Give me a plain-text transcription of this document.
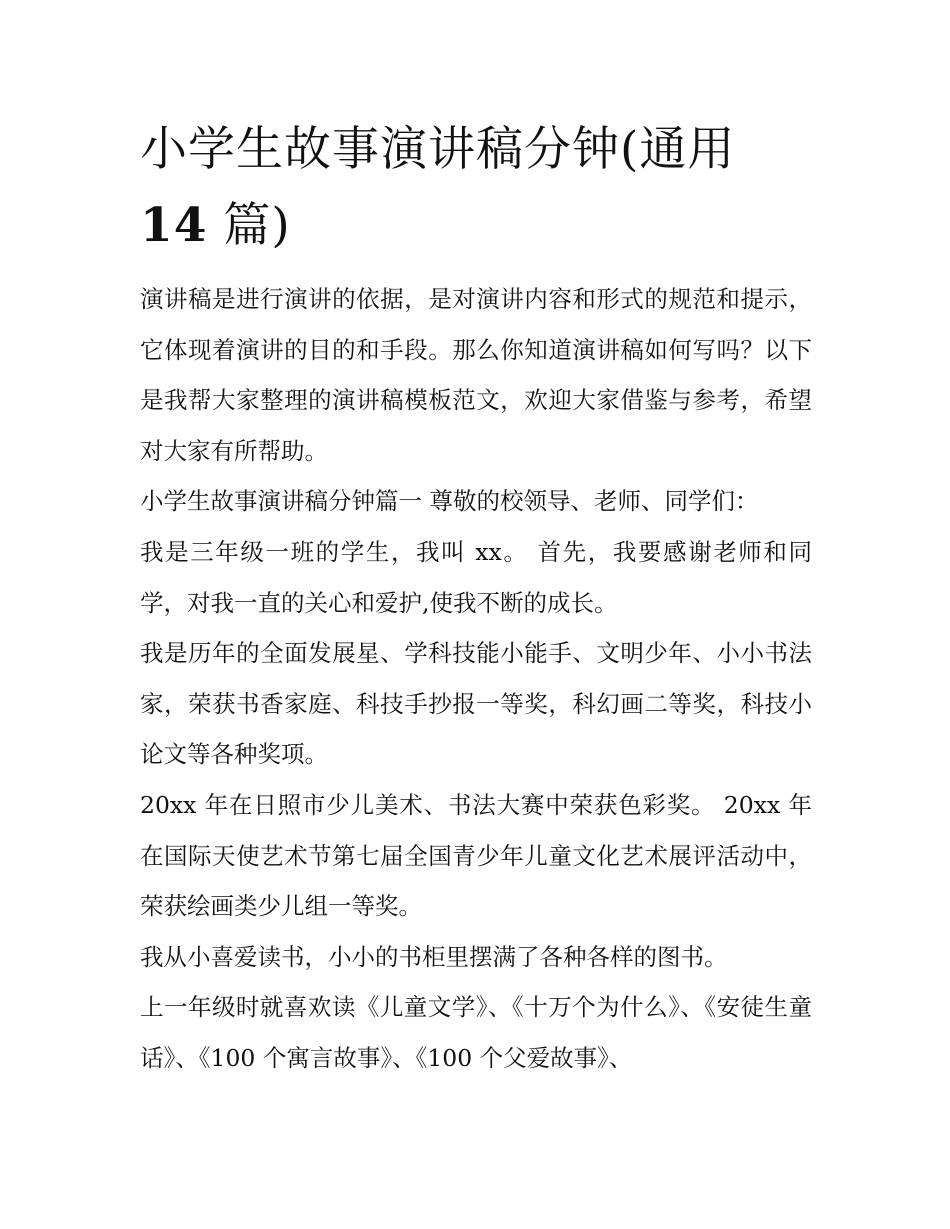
小学生故事演讲稿分钟(通用
14 篇)

演讲稿是进行演讲的依据，是对演讲内容和形式的规范和提示，它体现着演讲的目的和手段。那么你知道演讲稿如何写吗？以下是我帮大家整理的演讲稿模板范文，欢迎大家借鉴与参考，希望对大家有所帮助。

小学生故事演讲稿分钟篇一 尊敬的校领导、老师、同学们：

我是三年级一班的学生，我叫 xx。 首先，我要感谢老师和同学，对我一直的关心和爱护,使我不断的成长。

我是历年的全面发展星、学科技能小能手、文明少年、小小书法家，荣获书香家庭、科技手抄报一等奖，科幻画二等奖，科技小论文等各种奖项。

20xx 年在日照市少儿美术、书法大赛中荣获色彩奖。 20xx 年在国际天使艺术节第七届全国青少年儿童文化艺术展评活动中，荣获绘画类少儿组一等奖。

我从小喜爱读书，小小的书柜里摆满了各种各样的图书。

上一年级时就喜欢读《儿童文学》、《十万个为什么》、《安徒生童话》、《100 个寓言故事》、《100 个父爱故事》、
